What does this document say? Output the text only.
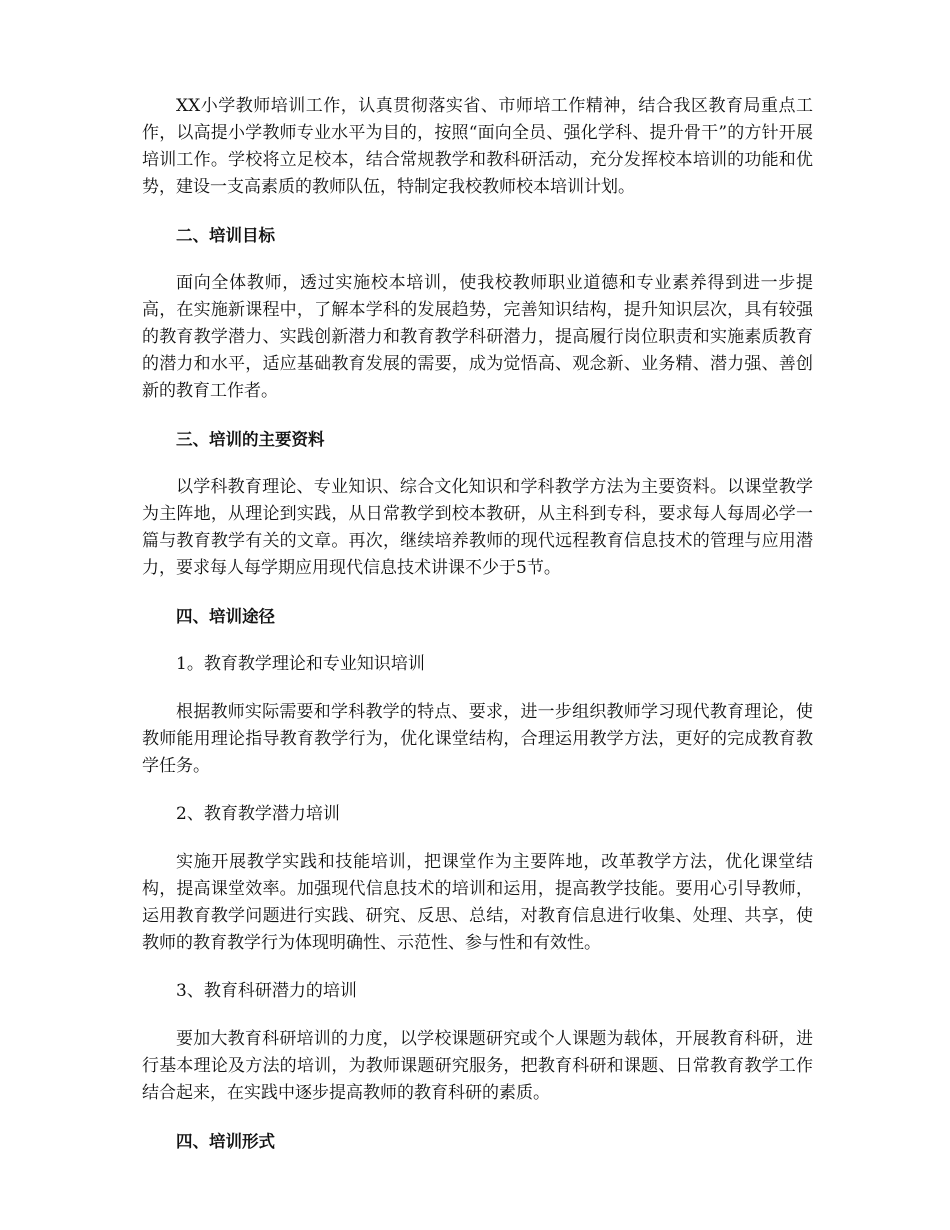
XX小学教师培训工作，认真贯彻落实省、市师培工作精神，结合我区教育局重点工作，以高提小学教师专业水平为目的，按照“面向全员、强化学科、提升骨干”的方针开展培训工作。学校将立足校本，结合常规教学和教科研活动，充分发挥校本培训的功能和优势，建设一支高素质的教师队伍，特制定我校教师校本培训计划。

二、培训目标

面向全体教师，透过实施校本培训，使我校教师职业道德和专业素养得到进一步提高，在实施新课程中，了解本学科的发展趋势，完善知识结构，提升知识层次，具有较强的教育教学潜力、实践创新潜力和教育教学科研潜力，提高履行岗位职责和实施素质教育的潜力和水平，适应基础教育发展的需要，成为觉悟高、观念新、业务精、潜力强、善创新的教育工作者。

三、培训的主要资料

以学科教育理论、专业知识、综合文化知识和学科教学方法为主要资料。以课堂教学为主阵地，从理论到实践，从日常教学到校本教研，从主科到专科，要求每人每周必学一篇与教育教学有关的文章。再次，继续培养教师的现代远程教育信息技术的管理与应用潜力，要求每人每学期应用现代信息技术讲课不少于5节。

四、培训途径

1。教育教学理论和专业知识培训

根据教师实际需要和学科教学的特点、要求，进一步组织教师学习现代教育理论，使教师能用理论指导教育教学行为，优化课堂结构，合理运用教学方法，更好的完成教育教学任务。

2、教育教学潜力培训

实施开展教学实践和技能培训，把课堂作为主要阵地，改革教学方法，优化课堂结构，提高课堂效率。加强现代信息技术的培训和运用，提高教学技能。要用心引导教师，运用教育教学问题进行实践、研究、反思、总结，对教育信息进行收集、处理、共享，使教师的教育教学行为体现明确性、示范性、参与性和有效性。

3、教育科研潜力的培训

要加大教育科研培训的力度，以学校课题研究或个人课题为载体，开展教育科研，进行基本理论及方法的培训，为教师课题研究服务，把教育科研和课题、日常教育教学工作结合起来，在实践中逐步提高教师的教育科研的素质。

四、培训形式
